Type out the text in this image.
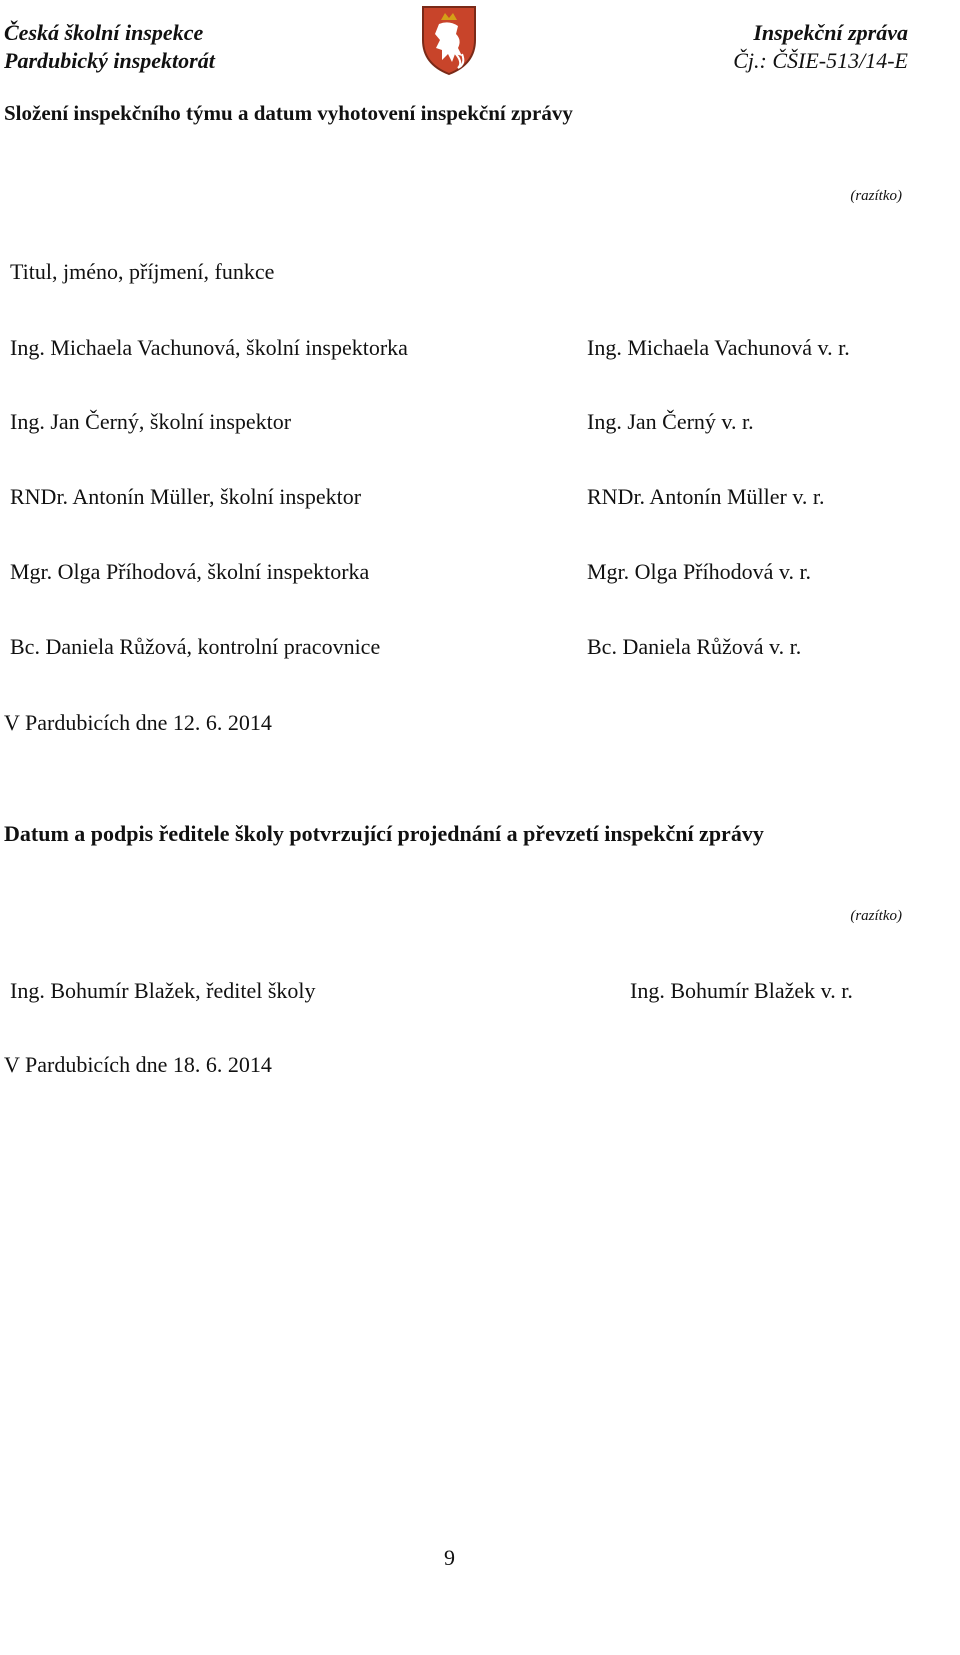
Česká školní inspekce
Pardubický inspektorát
Inspekční zpráva
Čj.: ČŠIE-513/14-E
Složení inspekčního týmu a datum vyhotovení inspekční zprávy
(razítko)
Titul, jméno, příjmení, funkce
Ing. Michaela Vachunová, školní inspektorka	Ing. Michaela Vachunová v. r.
Ing. Jan Černý, školní inspektor	Ing. Jan Černý v. r.
RNDr. Antonín Müller, školní inspektor	RNDr. Antonín Müller v. r.
Mgr. Olga Příhodová, školní inspektorka	Mgr. Olga Příhodová v. r.
Bc. Daniela Růžová, kontrolní pracovnice	Bc. Daniela Růžová v. r.
V Pardubicích dne 12. 6. 2014
Datum a podpis ředitele školy potvrzující projednání a převzetí inspekční zprávy
(razítko)
Ing. Bohumír Blažek, ředitel školy	Ing. Bohumír Blažek v. r.
V Pardubicích dne 18. 6. 2014
9
